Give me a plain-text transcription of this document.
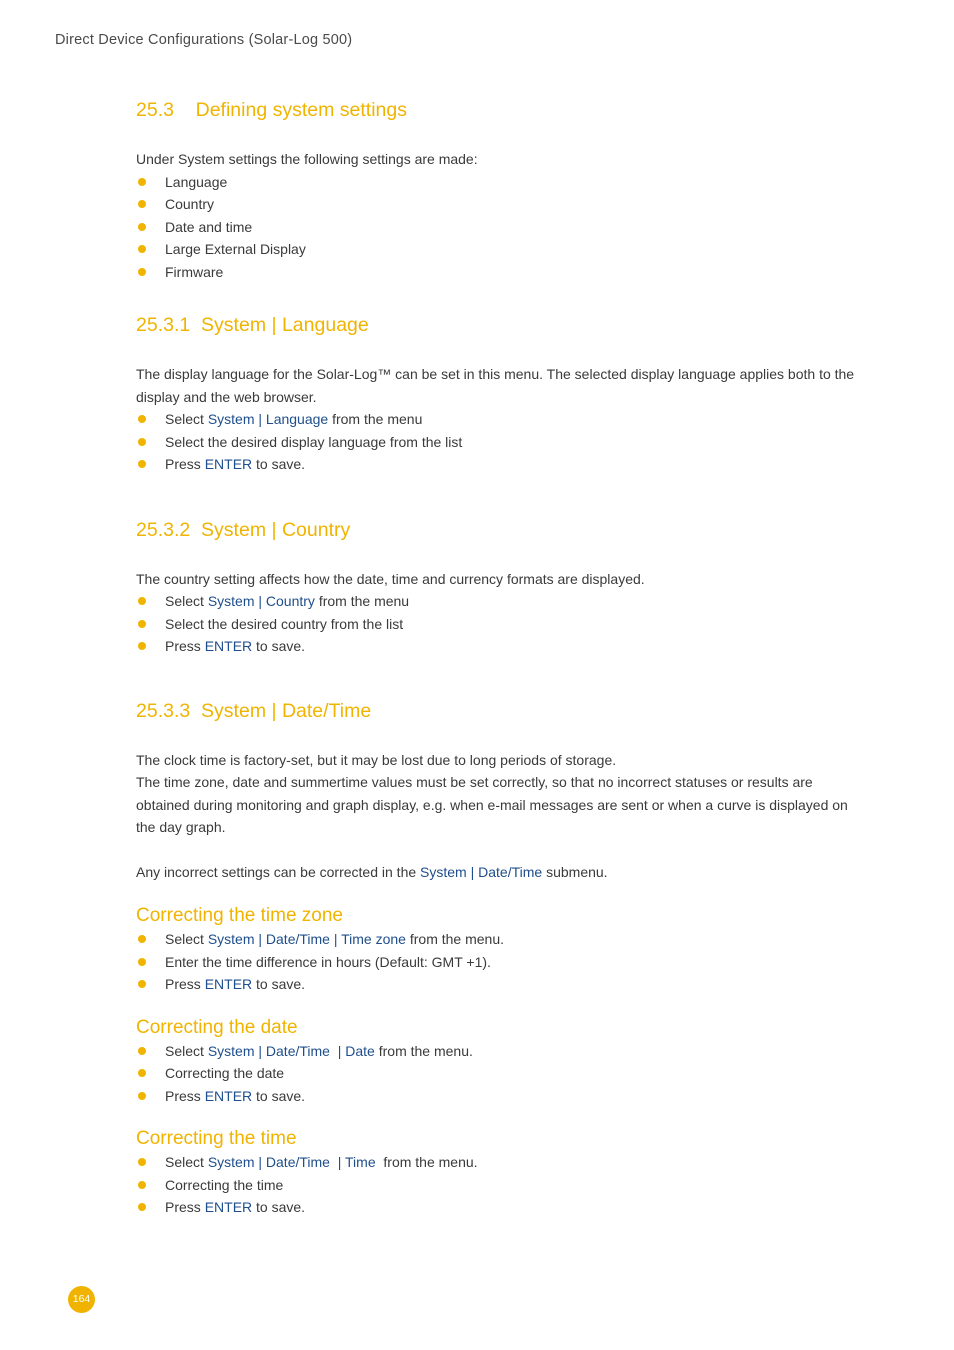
Direct Device Configurations (Solar-Log 500)
25.3    Defining system settings

Under System settings the following settings are made:

Language
Country
Date and time
Large External Display
Firmware
25.3.1  System | Language

The display language for the Solar-Log™ can be set in this menu. The selected display language applies both to the display and the web browser.

Select System | Language from the menu
Select the desired display language from the list
Press ENTER to save.
25.3.2  System | Country

The country setting affects how the date, time and currency formats are displayed.

Select System | Country from the menu
Select the desired country from the list
Press ENTER to save.
25.3.3  System | Date/Time

The clock time is factory-set, but it may be lost due to long periods of storage.

The time zone, date and summertime values must be set correctly, so that no incorrect statuses or results are obtained during monitoring and graph display, e.g. when e-mail messages are sent or when a curve is displayed on the day graph.

Any incorrect settings can be corrected in the System | Date/Time submenu.

Correcting the time zone
Select System | Date/Time | Time zone from the menu.
Enter the time difference in hours (Default: GMT +1).
Press ENTER to save.
Correcting the date
Select System | Date/Time  | Date from the menu.
Correcting the date
Press ENTER to save.
Correcting the time
Select System | Date/Time  | Time  from the menu.
Correcting the time
Press ENTER to save.
164
